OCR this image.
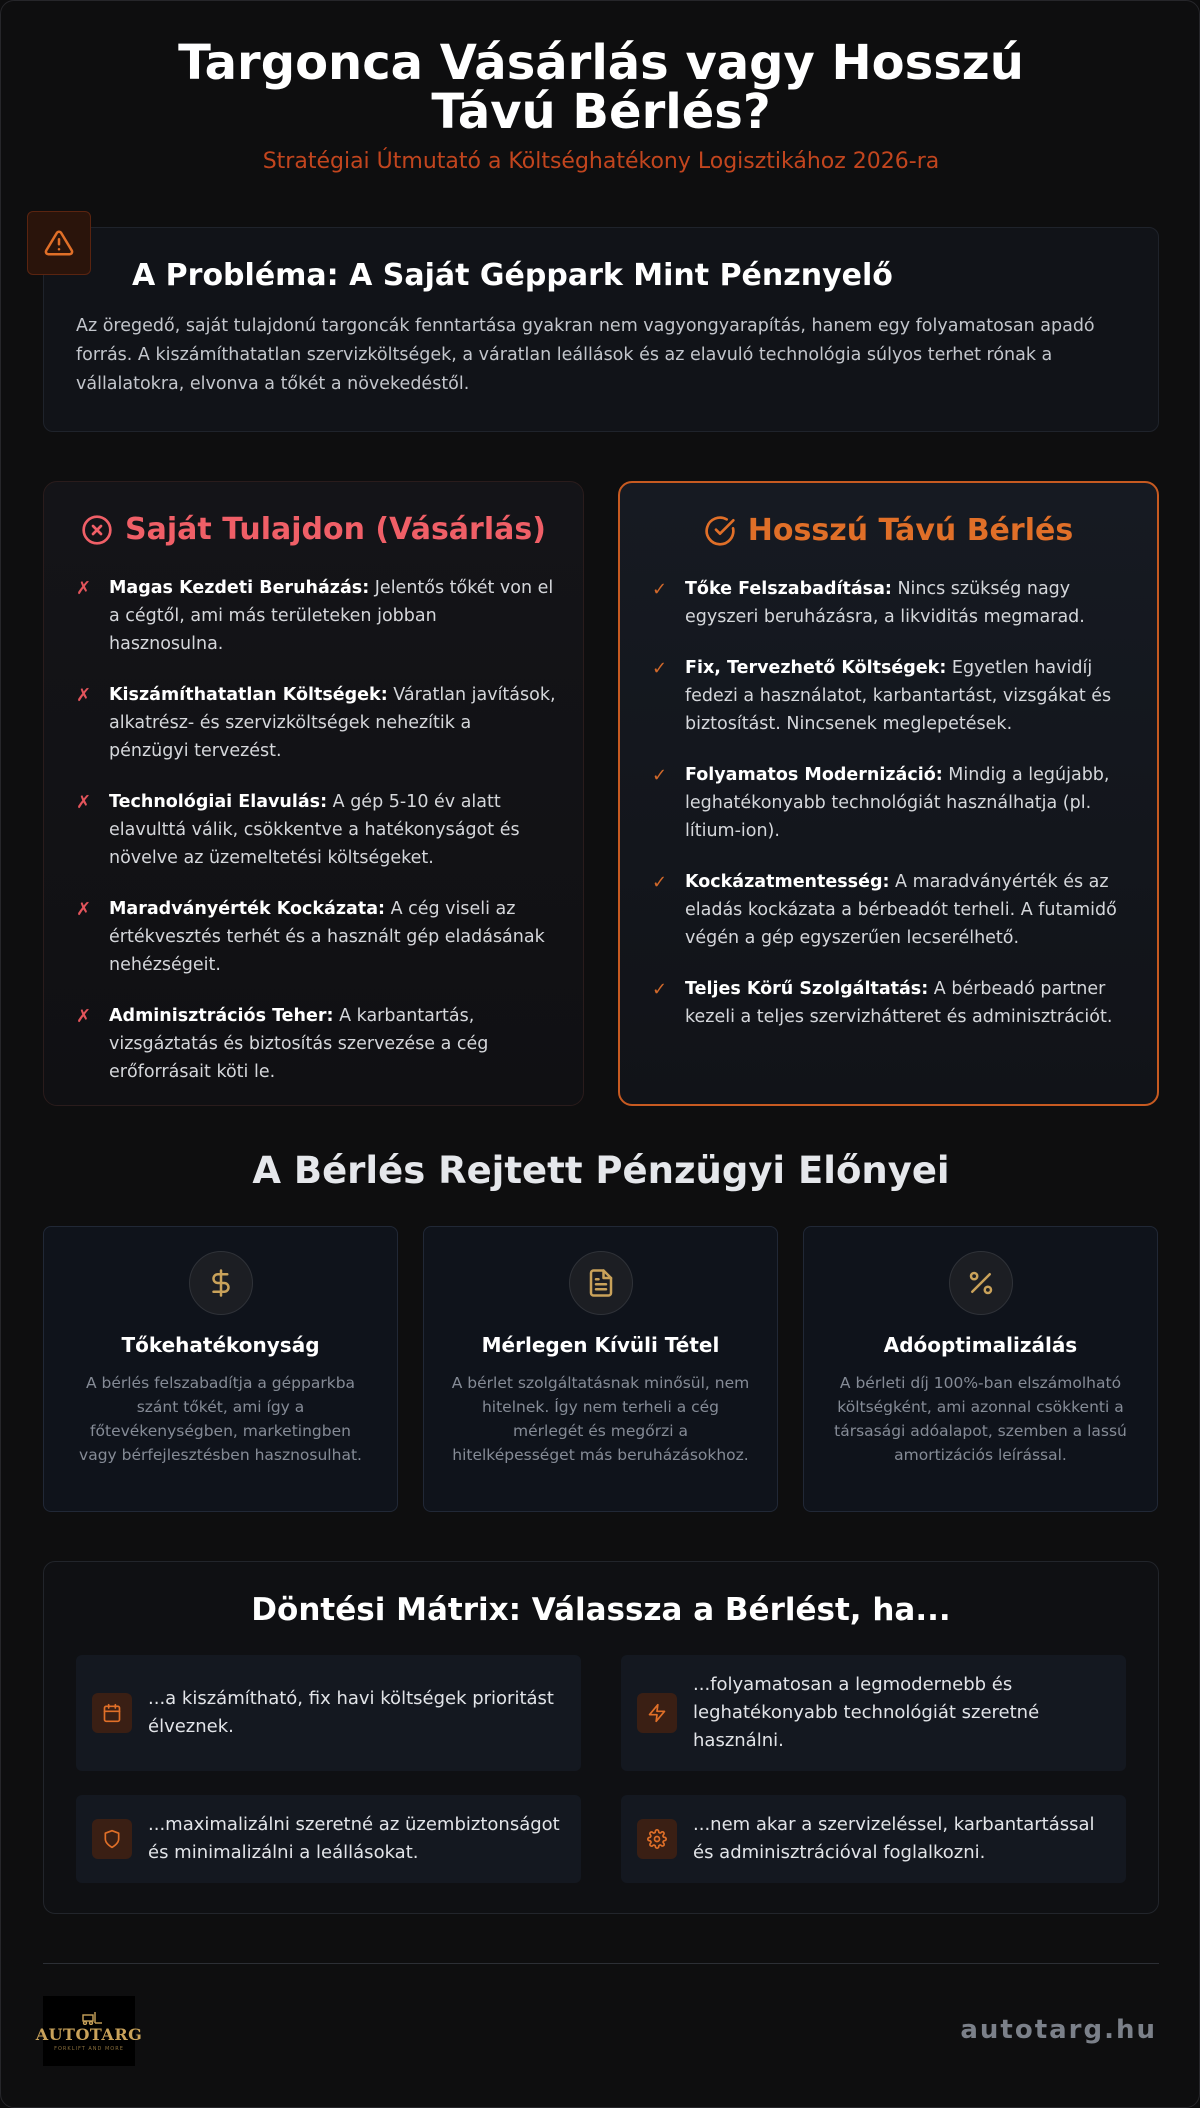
Targonca Vásárlás vagy Hosszú Távú Bérlés?
Stratégiai Útmutató a Költséghatékony Logisztikához 2026-ra
A Probléma: A Saját Géppark Mint Pénznyelő

Az öregedő, saját tulajdonú targoncák fenntartása gyakran nem vagyongyarapítás, hanem egy folyamatosan apadó forrás. A kiszámíthatatlan szervizköltségek, a váratlan leállások és az elavuló technológia súlyos terhet rónak a vállalatokra, elvonva a tőkét a növekedéstől.

Saját Tulajdon (Vásárlás)
✗	Magas Kezdeti Beruházás: Jelentős tőkét von el a cégtől, ami más területeken jobban hasznosulna.
✗	Kiszámíthatatlan Költségek: Váratlan javítások, alkatrész- és szervizköltségek nehezítik a pénzügyi tervezést.
✗	Technológiai Elavulás: A gép 5-10 év alatt elavulttá válik, csökkentve a hatékonyságot és növelve az üzemeltetési költségeket.
✗	Maradványérték Kockázata: A cég viseli az értékvesztés terhét és a használt gép eladásának nehézségeit.
✗	Adminisztrációs Teher: A karbantartás, vizsgáztatás és biztosítás szervezése a cég erőforrásait köti le.
Hosszú Távú Bérlés
✓	Tőke Felszabadítása: Nincs szükség nagy egyszeri beruházásra, a likviditás megmarad.
✓	Fix, Tervezhető Költségek: Egyetlen havidíj fedezi a használatot, karbantartást, vizsgákat és biztosítást. Nincsenek meglepetések.
✓	Folyamatos Modernizáció: Mindig a legújabb, leghatékonyabb technológiát használhatja (pl. lítium-ion).
✓	Kockázatmentesség: A maradványérték és az eladás kockázata a bérbeadót terheli. A futamidő végén a gép egyszerűen lecserélhető.
✓	Teljes Körű Szolgáltatás: A bérbeadó partner kezeli a teljes szervizhátteret és adminisztrációt.
A Bérlés Rejtett Pénzügyi Előnyei
Tőkehatékonyság

A bérlés felszabadítja a gépparkba szánt tőkét, ami így a főtevékenységben, marketingben vagy bérfejlesztésben hasznosulhat.

Mérlegen Kívüli Tétel

A bérlet szolgáltatásnak minősül, nem hitelnek. Így nem terheli a cég mérlegét és megőrzi a hitelképességet más beruházásokhoz.

Adóoptimalizálás

A bérleti díj 100%-ban elszámolható költségként, ami azonnal csökkenti a társasági adóalapot, szemben a lassú amortizációs leírással.

Döntési Mátrix: Válassza a Bérlést, ha...
...a kiszámítható, fix havi költségek prioritást élveznek.
...folyamatosan a legmodernebb és leghatékonyabb technológiát szeretné használni.
...maximalizálni szeretné az üzembiztonságot és minimalizálni a leállásokat.
...nem akar a szervizeléssel, karbantartással és adminisztrációval foglalkozni.
AUTOTARG
FORKLIFT AND MORE
autotarg.hu
